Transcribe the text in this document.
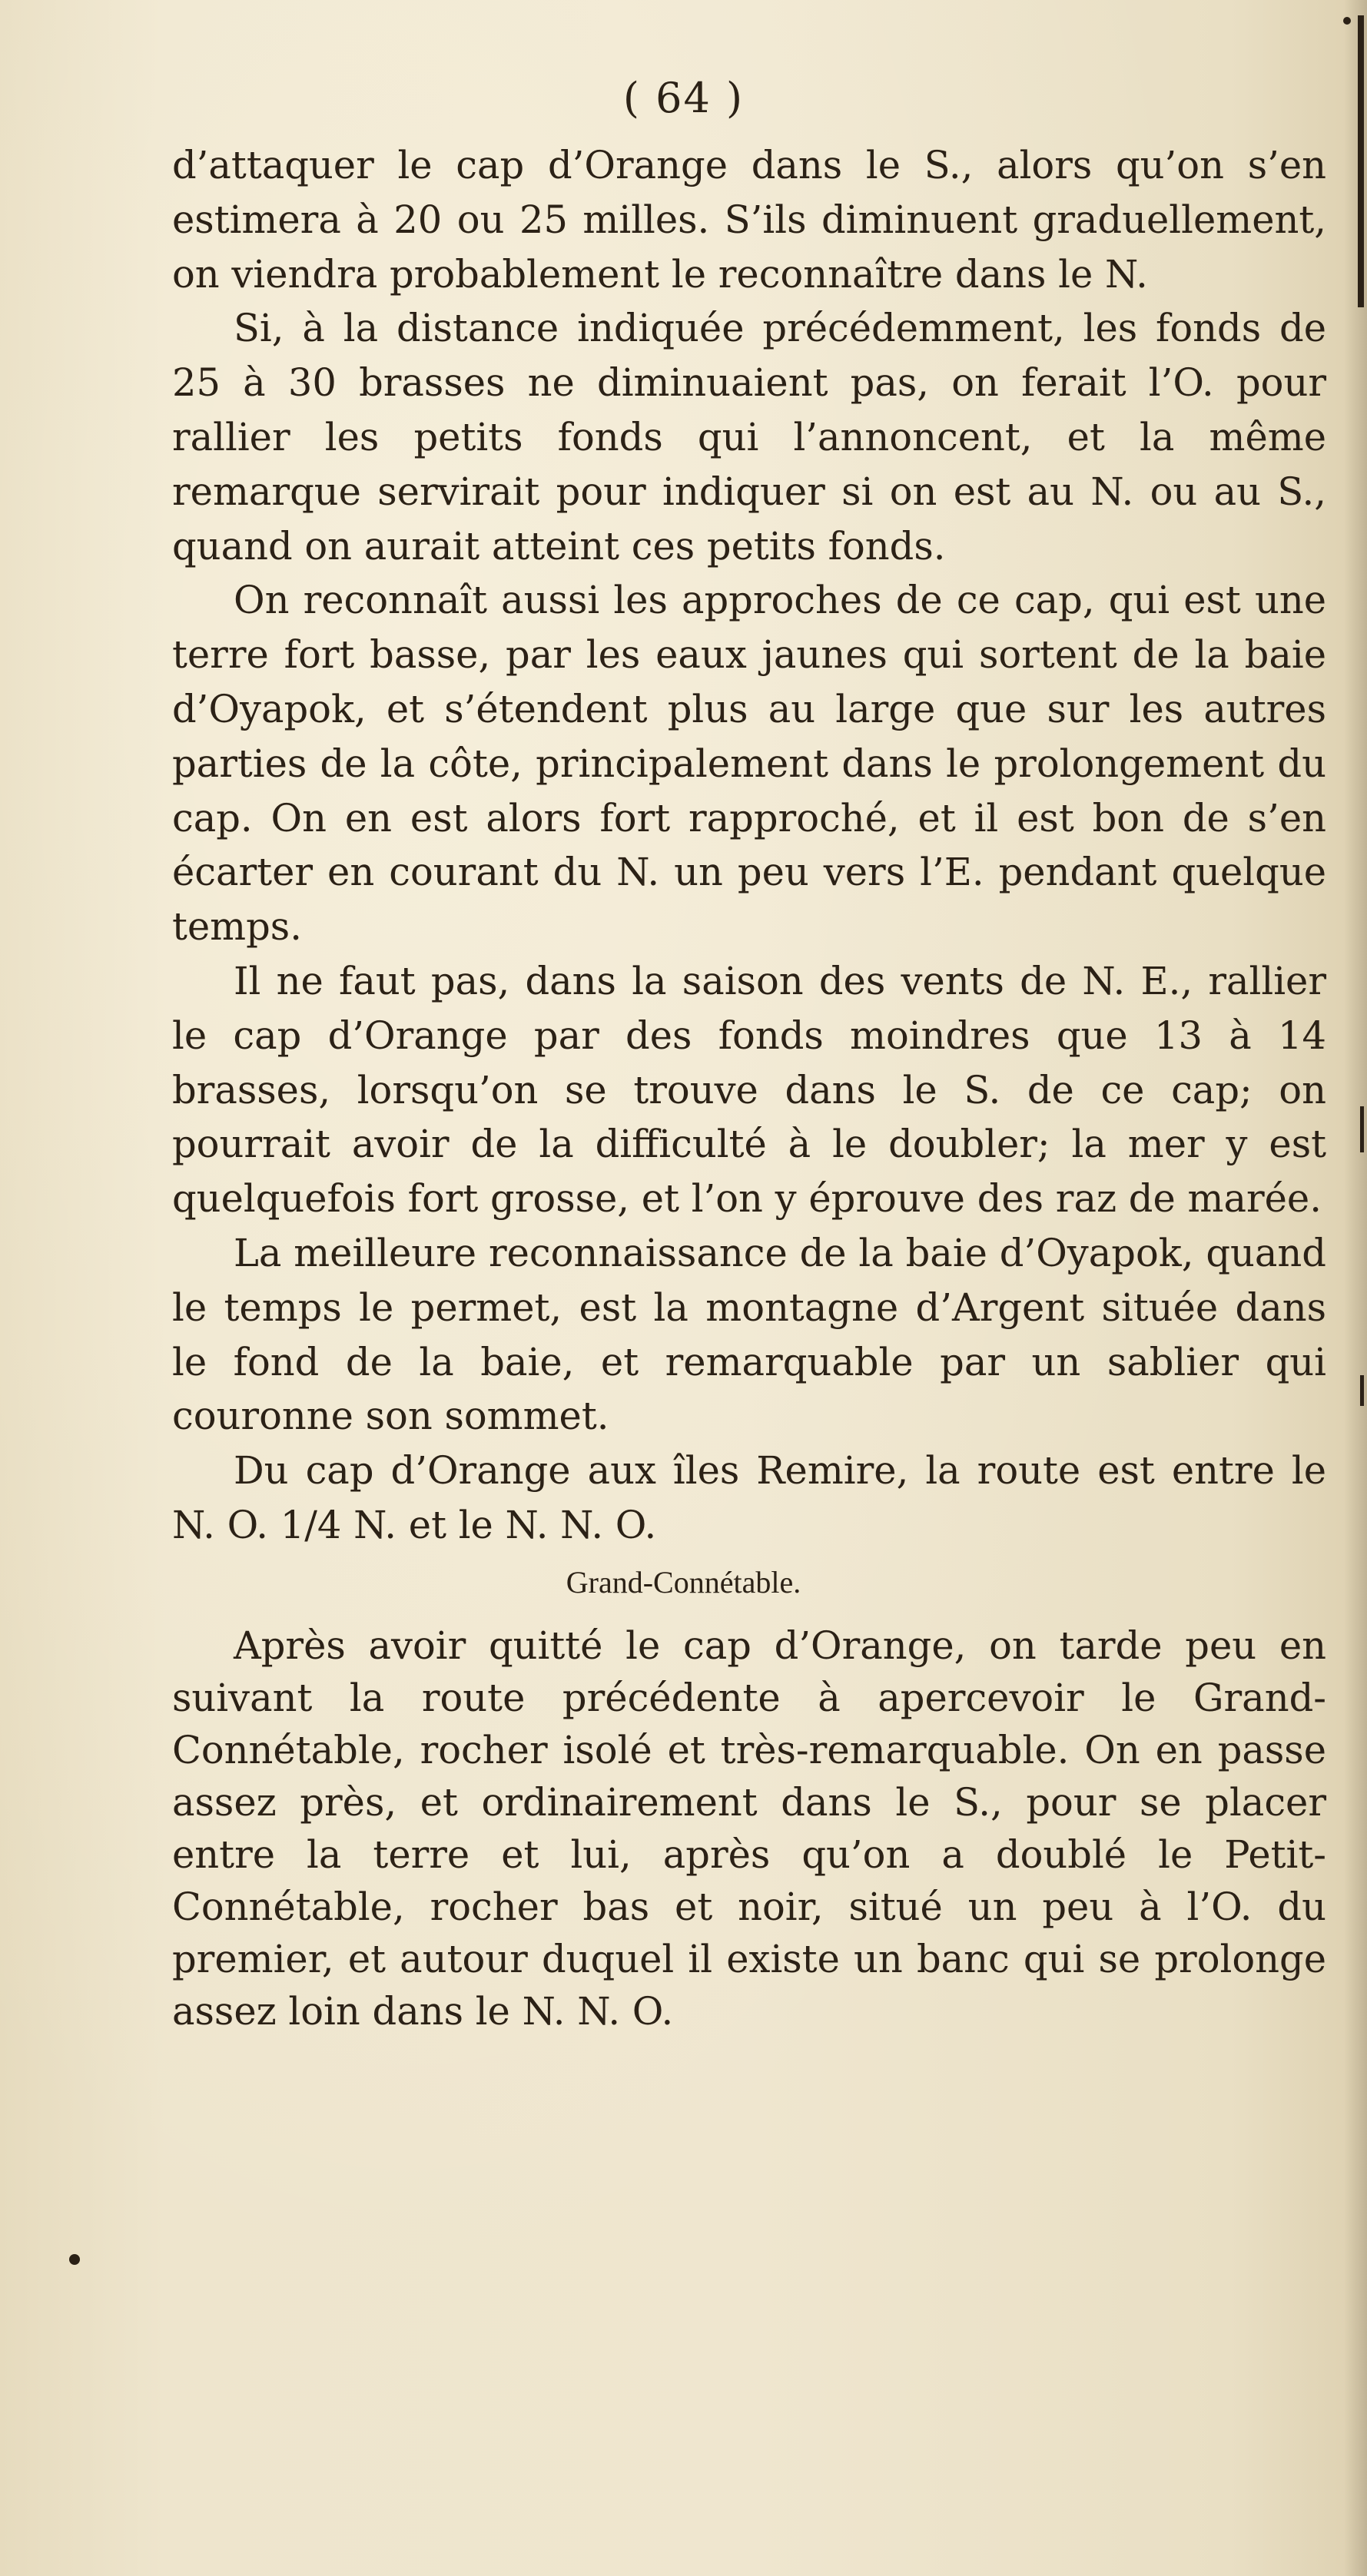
( 64 )

d’attaquer le cap d’Orange dans le S., alors qu’on s’en estimera à 20 ou 25 milles. S’ils diminuent graduellement, on viendra probablement le reconnaître dans le N.

Si, à la distance indiquée précédemment, les fonds de 25 à 30 brasses ne diminuaient pas, on ferait l’O. pour rallier les petits fonds qui l’annoncent, et la même remarque servirait pour indiquer si on est au N. ou au S., quand on aurait atteint ces petits fonds.

On reconnaît aussi les approches de ce cap, qui est une terre fort basse, par les eaux jaunes qui sortent de la baie d’Oyapok, et s’étendent plus au large que sur les autres parties de la côte, principalement dans le prolongement du cap. On en est alors fort rapproché, et il est bon de s’en écarter en courant du N. un peu vers l’E. pendant quelque temps.

Il ne faut pas, dans la saison des vents de N. E., rallier le cap d’Orange par des fonds moindres que 13 à 14 brasses, lorsqu’on se trouve dans le S. de ce cap; on pourrait avoir de la difficulté à le doubler; la mer y est quelquefois fort grosse, et l’on y éprouve des raz de marée.

La meilleure reconnaissance de la baie d’Oyapok, quand le temps le permet, est la montagne d’Argent située dans le fond de la baie, et remarquable par un sablier qui couronne son sommet.

Du cap d’Orange aux îles Remire, la route est entre le N. O. 1/4 N. et le N. N. O.

Grand-Connétable.

Après avoir quitté le cap d’Orange, on tarde peu en suivant la route précédente à apercevoir le Grand-Connétable, rocher isolé et très-remarquable. On en passe assez près, et ordinairement dans le S., pour se placer entre la terre et lui, après qu’on a doublé le Petit-Connétable, rocher bas et noir, situé un peu à l’O. du premier, et autour duquel il existe un banc qui se prolonge assez loin dans le N. N. O.
